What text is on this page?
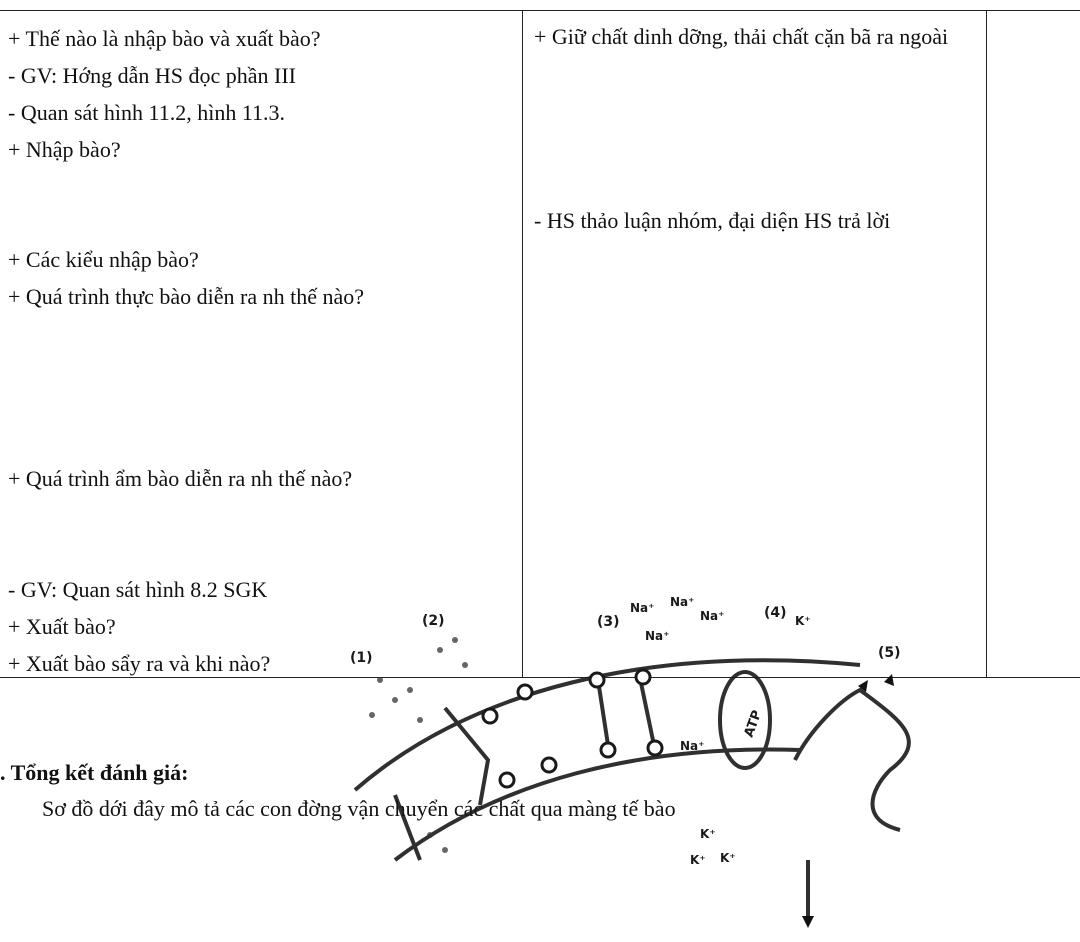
+ Thế nào là nhập bào và xuất bào?
- GV: Hớng dẫn HS đọc phần III
- Quan sát hình 11.2, hình 11.3.
+ Nhập bào?
+ Các kiểu nhập bào?
+ Quá trình thực bào diễn ra nh thế nào?
+ Quá trình ẩm bào diễn ra nh thế nào?
- GV: Quan sát hình 8.2 SGK
+ Xuất bào?
+ Xuất bào sẩy ra và khi nào?
+ Giữ chất dinh dỡng, thải chất cặn bã ra ngoài
- HS thảo luận nhóm, đại diện HS trả lời
. Tổng kết đánh giá:
Sơ đồ dới đây mô tả các con đờng vận chuyển các chất qua màng tế bào
(1)
(2)	(3)
(4)
(5)
ATP
Na⁺ Na⁺
Na⁺
Na⁺
Na⁺
K⁺
K⁺
K⁺
K⁺
